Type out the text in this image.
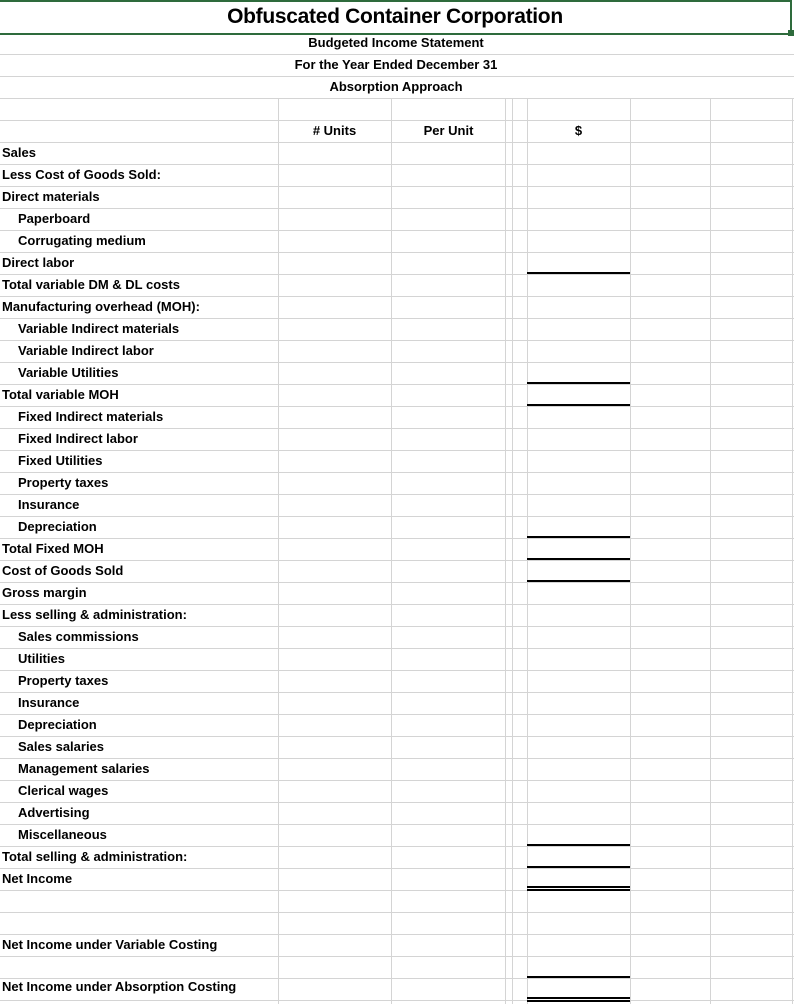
Obfuscated Container Corporation
Budgeted Income Statement
For the Year Ended December 31
Absorption Approach
# Units	Per Unit	$
Sales
Less Cost of Goods Sold:
Direct materials
Paperboard
Corrugating medium
Direct labor
Total variable DM & DL costs
Manufacturing overhead (MOH):
Variable Indirect materials
Variable Indirect labor
Variable Utilities
Total variable MOH
Fixed Indirect materials
Fixed Indirect labor
Fixed Utilities
Property taxes
Insurance
Depreciation
Total Fixed MOH
Cost of Goods Sold
Gross margin
Less selling & administration:
Sales commissions
Utilities
Property taxes
Insurance
Depreciation
Sales salaries
Management salaries
Clerical wages
Advertising
Miscellaneous
Total selling & administration:
Net Income
Net Income under Variable Costing
Net Income under Absorption Costing
